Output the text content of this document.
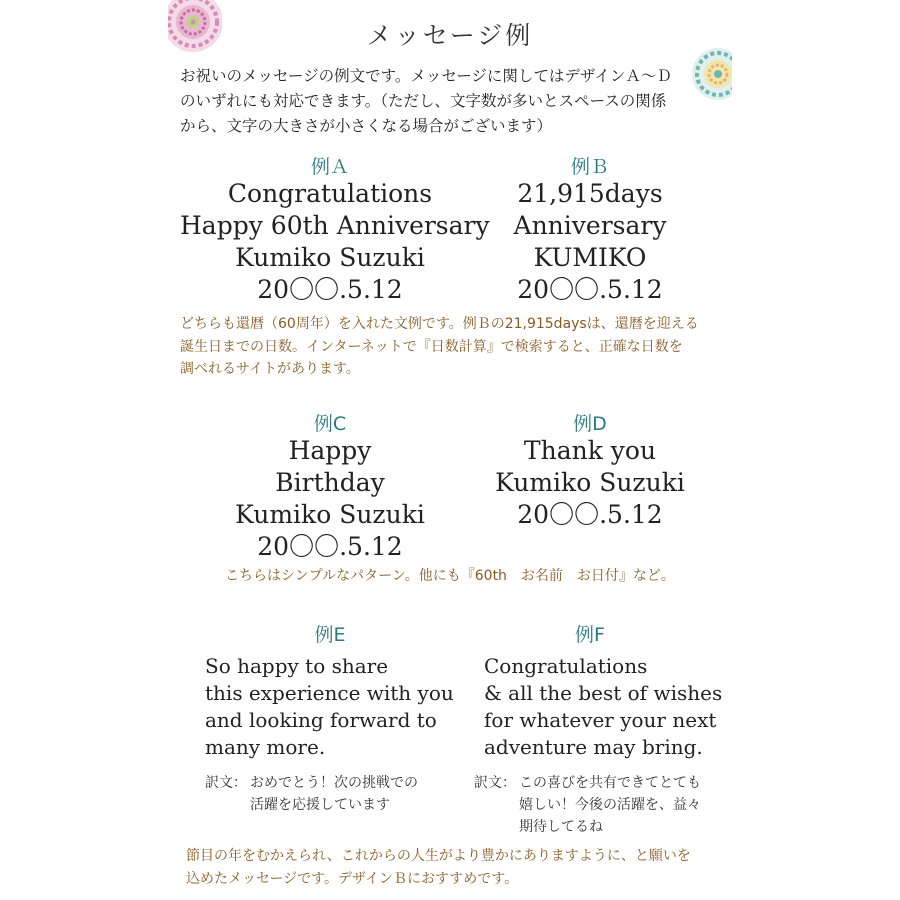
メッセージ例
お祝いのメッセージの例文です。メッセージに関してはデザインＡ～Ｄ
のいずれにも対応できます。（ただし、文字数が多いとスペースの関係
から、文字の大きさが小さくなる場合がございます）
例Ａ
Congratulations
Happy 60th Anniversary
Kumiko Suzuki
20〇〇.5.12
例Ｂ
21,915days
Anniversary
KUMIKO
20〇〇.5.12
どちらも還暦（60周年）を入れた文例です。例Ｂの21,915daysは、還暦を迎える
誕生日までの日数。インターネットで『日数計算』で検索すると、正確な日数を
調べれるサイトがあります。
例C
Happy
Birthday
Kumiko Suzuki
20〇〇.5.12
例D
Thank you
Kumiko Suzuki
20〇〇.5.12
こちらはシンプルなパターン。他にも『60th　お名前　お日付』など。
例E
So happy to share
this experience with you
and looking forward to
many more.
例F
Congratulations
& all the best of wishes
for whatever your next
adventure may bring.
訳文： おめでとう！次の挑戦での
活躍を応援しています
訳文： この喜びを共有できてとても
嬉しい！今後の活躍を、益々
期待してるね
節目の年をむかえられ、これからの人生がより豊かにありますように、と願いを
込めたメッセージです。デザインＢにおすすめです。
